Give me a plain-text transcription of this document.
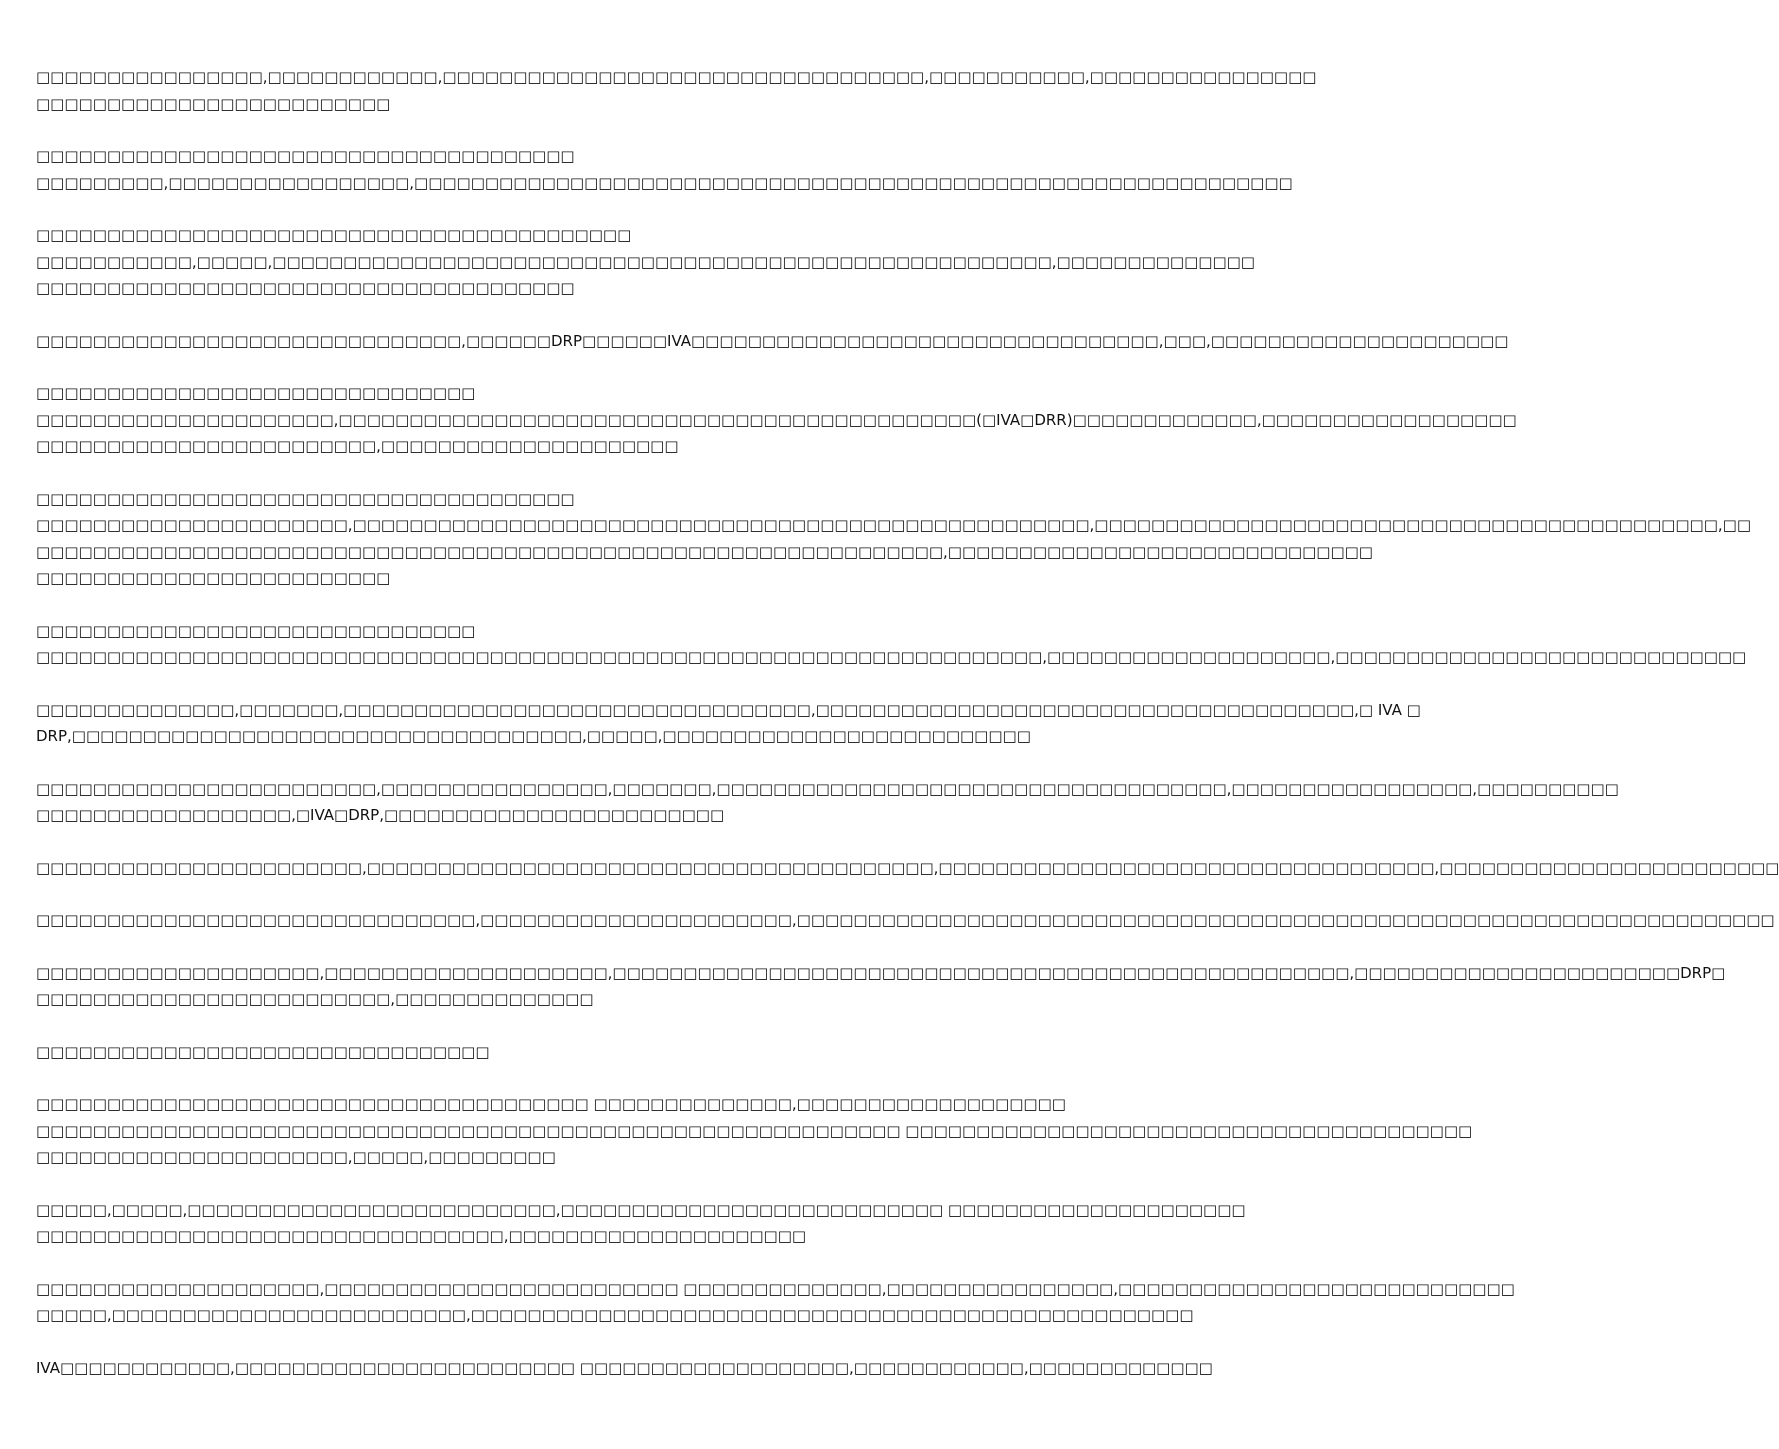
□□□□□□□□□□□□□□□□,□□□□□□□□□□□□,□□□□□□□□□□□□□□□□□□□□□□□□□□□□□□□□□□,□□□□□□□□□□□,□□□□□□□□□□□□□□□□
□□□□□□□□□□□□□□□□□□□□□□□□□
□□□□□□□□□□□□□□□□□□□□□□□□□□□□□□□□□□□□□□
□□□□□□□□□,□□□□□□□□□□□□□□□□□,□□□□□□□□□□□□□□□□□□□□□□□□□□□□□□□□□□□□□□□□□□□□□□□□□□□□□□□□□□□□□□
□□□□□□□□□□□□□□□□□□□□□□□□□□□□□□□□□□□□□□□□□□
□□□□□□□□□□□,□□□□□,□□□□□□□□□□□□□□□□□□□□□□□□□□□□□□□□□□□□□□□□□□□□□□□□□□□□□□□,□□□□□□□□□□□□□□
□□□□□□□□□□□□□□□□□□□□□□□□□□□□□□□□□□□□□□
□□□□□□□□□□□□□□□□□□□□□□□□□□□□□□,□□□□□□DRP□□□□□□IVA□□□□□□□□□□□□□□□□□□□□□□□□□□□□□□□□□,□□□,□□□□□□□□□□□□□□□□□□□□□
□□□□□□□□□□□□□□□□□□□□□□□□□□□□□□□
□□□□□□□□□□□□□□□□□□□□□,□□□□□□□□□□□□□□□□□□□□□□□□□□□□□□□□□□□□□□□□□□□□□(□IVA□DRR)□□□□□□□□□□□□□,□□□□□□□□□□□□□□□□□□
□□□□□□□□□□□□□□□□□□□□□□□□,□□□□□□□□□□□□□□□□□□□□□
□□□□□□□□□□□□□□□□□□□□□□□□□□□□□□□□□□□□□□
□□□□□□□□□□□□□□□□□□□□□□,□□□□□□□□□□□□□□□□□□□□□□□□□□□□□□□□□□□□□□□□□□□□□□□□□□□□,□□□□□□□□□□□□□□□□□□□□□□□□□□□□□□□□□□□□□□□□□□□□,□□
□□□□□□□□□□□□□□□□□□□□□□□□□□□□□□□□□□□□□□□□□□□□□□□□□□□□□□□□□□□□□□□□,□□□□□□□□□□□□□□□□□□□□□□□□□□□□□□
□□□□□□□□□□□□□□□□□□□□□□□□□
□□□□□□□□□□□□□□□□□□□□□□□□□□□□□□□
□□□□□□□□□□□□□□□□□□□□□□□□□□□□□□□□□□□□□□□□□□□□□□□□□□□□□□□□□□□□□□□□□□□□□□□,□□□□□□□□□□□□□□□□□□□□,□□□□□□□□□□□□□□□□□□□□□□□□□□□□□
□□□□□□□□□□□□□□,□□□□□□□,□□□□□□□□□□□□□□□□□□□□□□□□□□□□□□□□□,□□□□□□□□□□□□□□□□□□□□□□□□□□□□□□□□□□□□□□,□ IVA □
DRP,□□□□□□□□□□□□□□□□□□□□□□□□□□□□□□□□□□□□,□□□□□,□□□□□□□□□□□□□□□□□□□□□□□□□□
□□□□□□□□□□□□□□□□□□□□□□□□,□□□□□□□□□□□□□□□□,□□□□□□□,□□□□□□□□□□□□□□□□□□□□□□□□□□□□□□□□□□□□,□□□□□□□□□□□□□□□□□,□□□□□□□□□□
□□□□□□□□□□□□□□□□□□,□IVA□DRP,□□□□□□□□□□□□□□□□□□□□□□□□
□□□□□□□□□□□□□□□□□□□□□□□,□□□□□□□□□□□□□□□□□□□□□□□□□□□□□□□□□□□□□□□□,□□□□□□□□□□□□□□□□□□□□□□□□□□□□□□□□□□□,□□□□□□□□□□□□□□□□□□□□□□□□
□□□□□□□□□□□□□□□□□□□□□□□□□□□□□□□,□□□□□□□□□□□□□□□□□□□□□□,□□□□□□□□□□□□□□□□□□□□□□□□□□□□□□□□□□□□□□□□□□□□□□□□□□□□□□□□□□□□□□□□□□□□□
□□□□□□□□□□□□□□□□□□□□,□□□□□□□□□□□□□□□□□□□□,□□□□□□□□□□□□□□□□□□□□□□□□□□□□□□□□□□□□□□□□□□□□□□□□□□□□,□□□□□□□□□□□□□□□□□□□□□□□DRP□
□□□□□□□□□□□□□□□□□□□□□□□□□,□□□□□□□□□□□□□□
□□□□□□□□□□□□□□□□□□□□□□□□□□□□□□□□
□□□□□□□□□□□□□□□□□□□□□□□□□□□□□□□□□□□□□□□ □□□□□□□□□□□□□□,□□□□□□□□□□□□□□□□□□□
□□□□□□□□□□□□□□□□□□□□□□□□□□□□□□□□□□□□□□□□□□□□□□□□□□□□□□□□□□□□□ □□□□□□□□□□□□□□□□□□□□□□□□□□□□□□□□□□□□□□□□
□□□□□□□□□□□□□□□□□□□□□□,□□□□□,□□□□□□□□□
□□□□□,□□□□□,□□□□□□□□□□□□□□□□□□□□□□□□□□,□□□□□□□□□□□□□□□□□□□□□□□□□□□ □□□□□□□□□□□□□□□□□□□□□
□□□□□□□□□□□□□□□□□□□□□□□□□□□□□□□□□,□□□□□□□□□□□□□□□□□□□□□
□□□□□□□□□□□□□□□□□□□□,□□□□□□□□□□□□□□□□□□□□□□□□□ □□□□□□□□□□□□□□,□□□□□□□□□□□□□□□□,□□□□□□□□□□□□□□□□□□□□□□□□□□□□
□□□□□,□□□□□□□□□□□□□□□□□□□□□□□□□,□□□□□□□□□□□□□□□□□□□□□□□□□□□□□□□□□□□□□□□□□□□□□□□□□□□
IVA□□□□□□□□□□□□,□□□□□□□□□□□□□□□□□□□□□□□□ □□□□□□□□□□□□□□□□□□□,□□□□□□□□□□□□,□□□□□□□□□□□□□
